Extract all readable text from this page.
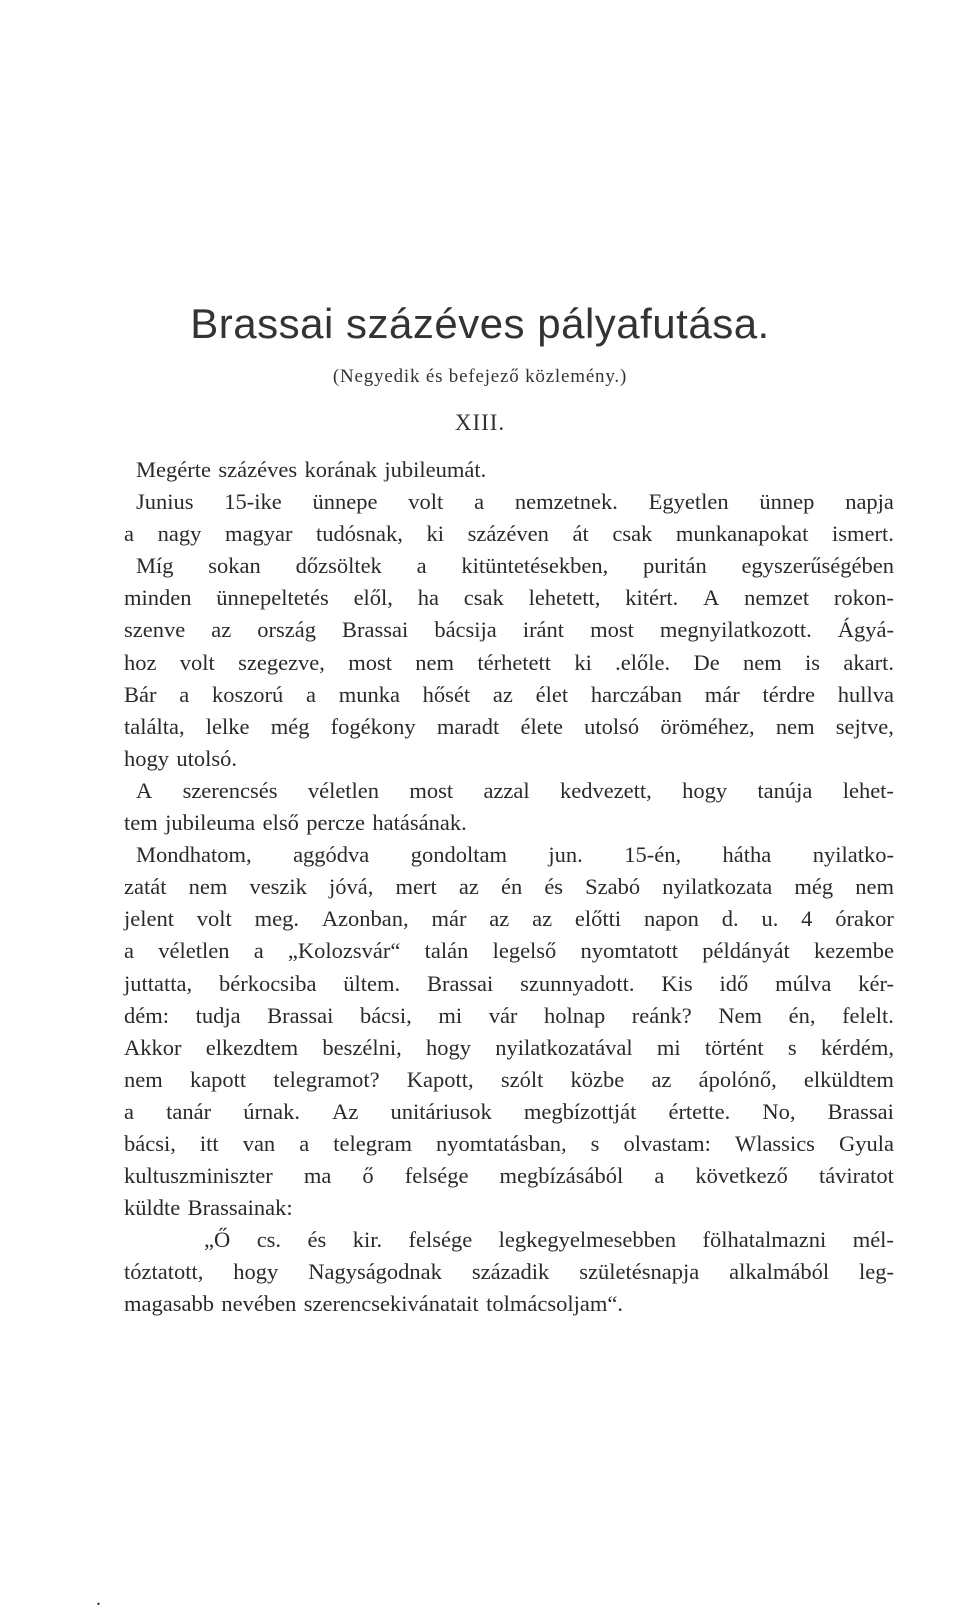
Brassai százéves pályafutása.
(Negyedik és befejező közlemény.)
XIII.
Megérte százéves korának jubileumát.
Junius 15-ike ünnepe volt a nemzetnek. Egyetlen ünnep napja
a nagy magyar tudósnak, ki százéven át csak munkanapokat ismert.
Míg sokan dőzsöltek a kitüntetésekben, puritán egyszerűségében
minden ünnepeltetés elől, ha csak lehetett, kitért. A nemzet rokon-
szenve az ország Brassai bácsija iránt most megnyilatkozott. Ágyá-
hoz volt szegezve, most nem térhetett ki .előle. De nem is akart.
Bár a koszorú a munka hősét az élet harczában már térdre hullva
találta, lelke még fogékony maradt élete utolsó öröméhez, nem sejtve,
hogy utolsó.
A szerencsés véletlen most azzal kedvezett, hogy tanúja lehet-
tem jubileuma első percze hatásának.
Mondhatom, aggódva gondoltam jun. 15-én, hátha nyilatko-
zatát nem veszik jóvá, mert az én és Szabó nyilatkozata még nem
jelent volt meg. Azonban, már az az előtti napon d. u. 4 órakor
a véletlen a „Kolozsvár“ talán legelső nyomtatott példányát kezembe
juttatta, bérkocsiba ültem. Brassai szunnyadott. Kis idő múlva kér-
dém: tudja Brassai bácsi, mi vár holnap reánk? Nem én, felelt.
Akkor elkezdtem beszélni, hogy nyilatkozatával mi történt s kérdém,
nem kapott telegramot? Kapott, szólt közbe az ápolónő, elküldtem
a tanár úrnak. Az unitáriusok megbízottját értette. No, Brassai
bácsi, itt van a telegram nyomtatásban, s olvastam: Wlassics Gyula
kultuszminiszter ma ő felsége megbízásából a következő táviratot
küldte Brassainak:
„Ő cs. és kir. felsége legkegyelmesebben fölhatalmazni mél-
tóztatott, hogy Nagyságodnak századik születésnapja alkalmából leg-
magasabb nevében szerencsekivánatait tolmácsoljam“.
.
